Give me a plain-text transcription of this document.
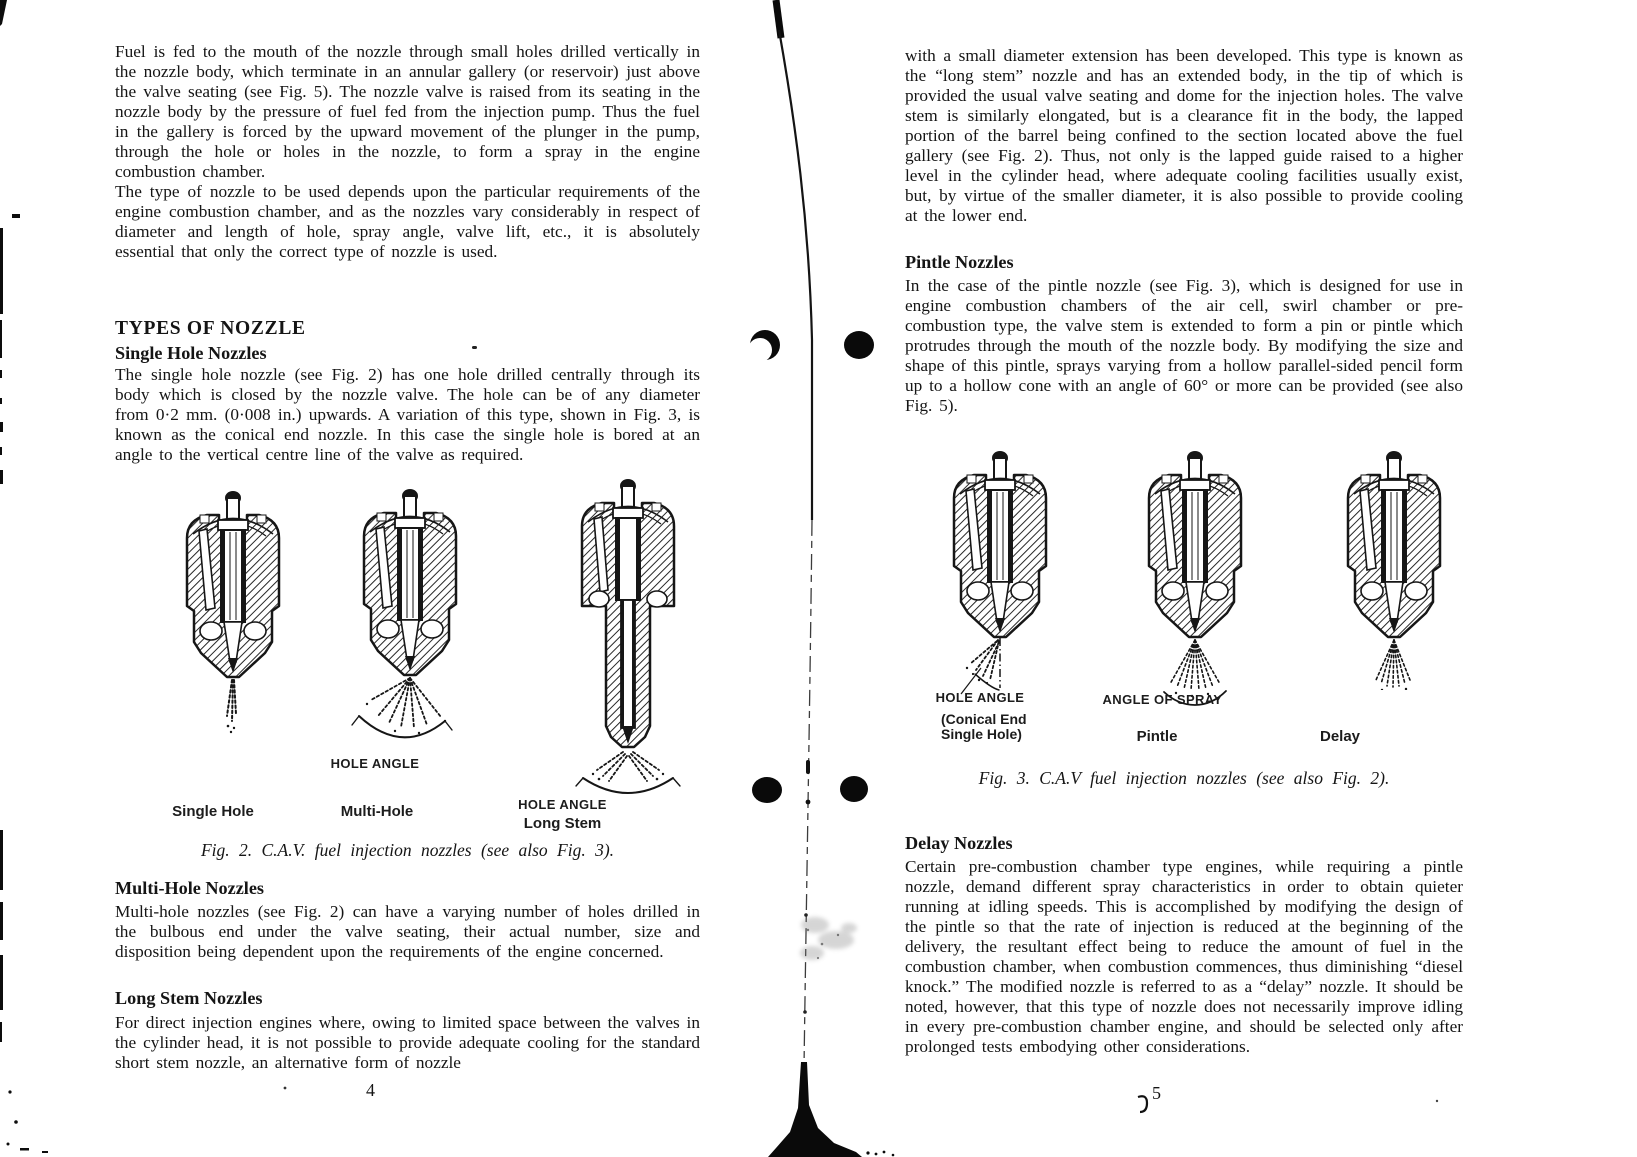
Fuel is fed to the mouth of the nozzle through small holes drilled vertically in the nozzle body, which terminate in an annular gallery (or reservoir) just above the valve seating (see Fig. 5). The nozzle valve is raised from its seating in the nozzle body by the pressure of fuel fed from the injection pump. Thus the fuel in the gallery is forced by the upward movement of the plunger in the pump, through the hole or holes in the nozzle, to form a spray in the engine combustion chamber.

The type of nozzle to be used depends upon the particular requirements of the engine combustion chamber, and as the nozzles vary considerably in respect of diameter and length of hole, spray angle, valve lift, etc., it is absolutely essential that only the correct type of nozzle is used.

TYPES OF NOZZLE
Single Hole Nozzles

The single hole nozzle (see Fig. 2) has one hole drilled centrally through its body which is closed by the nozzle valve. The hole can be of any diameter from 0·2 mm. (0·008 in.) upwards. A variation of this type, shown in Fig. 3, is known as the conical end nozzle. In this case the single hole is bored at an angle to the vertical centre line of the valve as required.

HOLE ANGLE
HOLE ANGLE
Single Hole	Multi-Hole
Long Stem
Fig. 2. C.A.V. fuel injection nozzles (see also Fig. 3).
Multi-Hole Nozzles

Multi-hole nozzles (see Fig. 2) can have a varying number of holes drilled in the bulbous end under the valve seating, their actual number, size and disposition being dependent upon the requirements of the engine concerned.

Long Stem Nozzles

For direct injection engines where, owing to limited space between the valves in the cylinder head, it is not possible to provide adequate cooling for the standard short stem nozzle, an alternative form of nozzle

4

with a small diameter extension has been developed. This type is known as the “long stem” nozzle and has an extended body, in the tip of which is provided the usual valve seating and dome for the injection holes. The valve stem is similarly elongated, but is a clearance fit in the body, the lapped portion of the barrel being confined to the section located above the fuel gallery (see Fig. 2). Thus, not only is the lapped guide raised to a higher level in the cylinder head, where adequate cooling facilities usually exist, but, by virtue of the smaller diameter, it is also possible to provide cooling at the lower end.

Pintle Nozzles

In the case of the pintle nozzle (see Fig. 3), which is designed for use in engine combustion chambers of the air cell, swirl chamber or pre-combustion type, the valve stem is extended to form a pin or pintle which protrudes through the mouth of the nozzle body. By modifying the size and shape of this pintle, sprays varying from a hollow parallel-sided pencil form up to a hollow cone with an angle of 60° or more can be provided (see also Fig. 5).

HOLE ANGLE
(Conical End
Single Hole)
ANGLE OF SPRAY
Pintle	Delay
Fig. 3. C.A.V fuel injection nozzles (see also Fig. 2).
Delay Nozzles

Certain pre-combustion chamber type engines, while requiring a pintle nozzle, demand different spray characteristics in order to obtain quieter running at idling speeds. This is accomplished by modifying the design of the pintle so that the rate of injection is reduced at the beginning of the delivery, the resultant effect being to reduce the amount of fuel in the combustion chamber, when combustion commences, thus diminishing “diesel knock.” The modified nozzle is referred to as a “delay” nozzle. It should be noted, however, that this type of nozzle does not necessarily improve idling in every pre-combustion chamber engine, and should be selected only after prolonged tests embodying other considerations.

5
